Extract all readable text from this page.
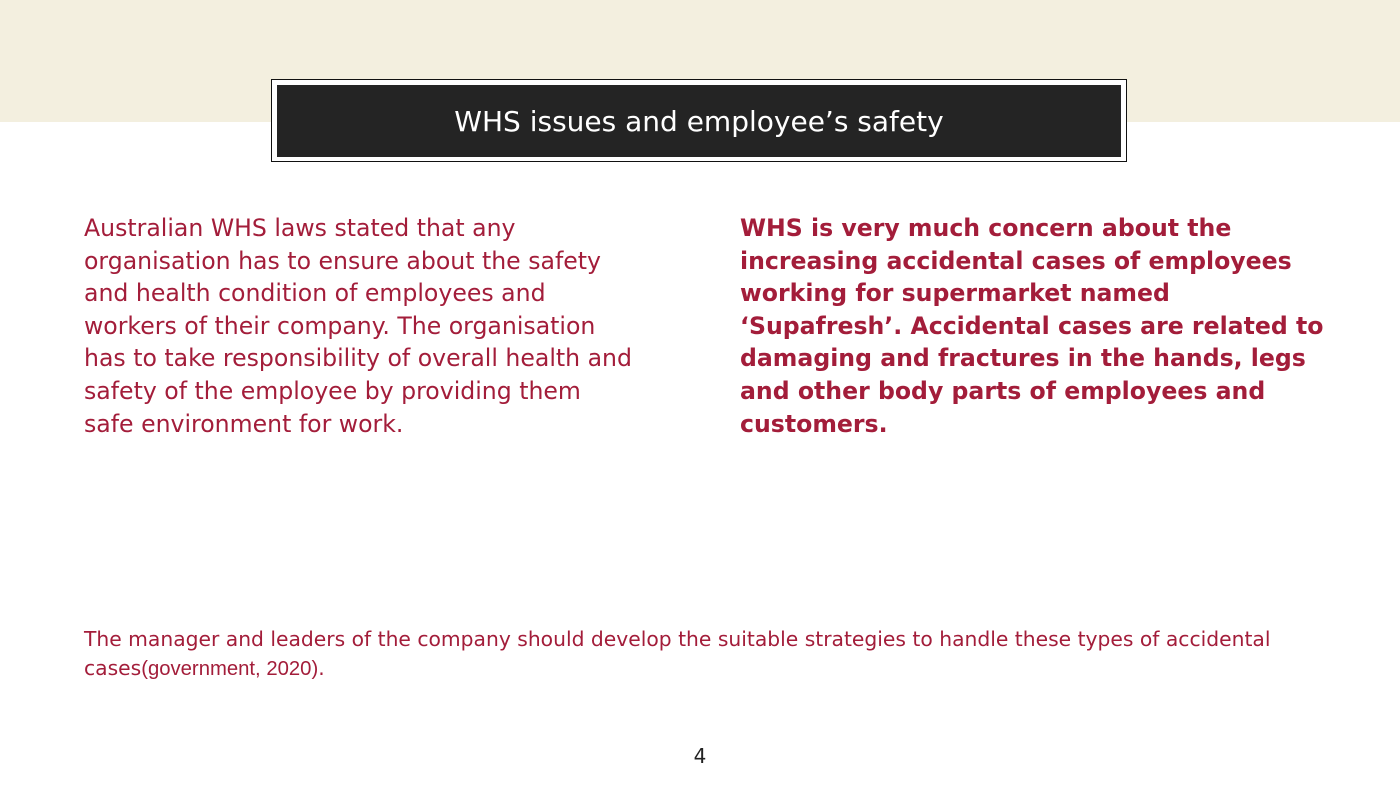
WHS issues and employee’s safety
Australian WHS laws stated that any organisation has to ensure about the safety and health condition of employees and workers of their company. The organisation has to take responsibility of overall health and safety of the employee by providing them safe environment for work.
WHS is very much concern about the increasing accidental cases of employees working for supermarket named ‘Supafresh’. Accidental cases are related to damaging and fractures in the hands, legs and other body parts of employees and customers.
The manager and leaders of the company should develop the suitable strategies to handle these types of accidental cases(government, 2020).
4
